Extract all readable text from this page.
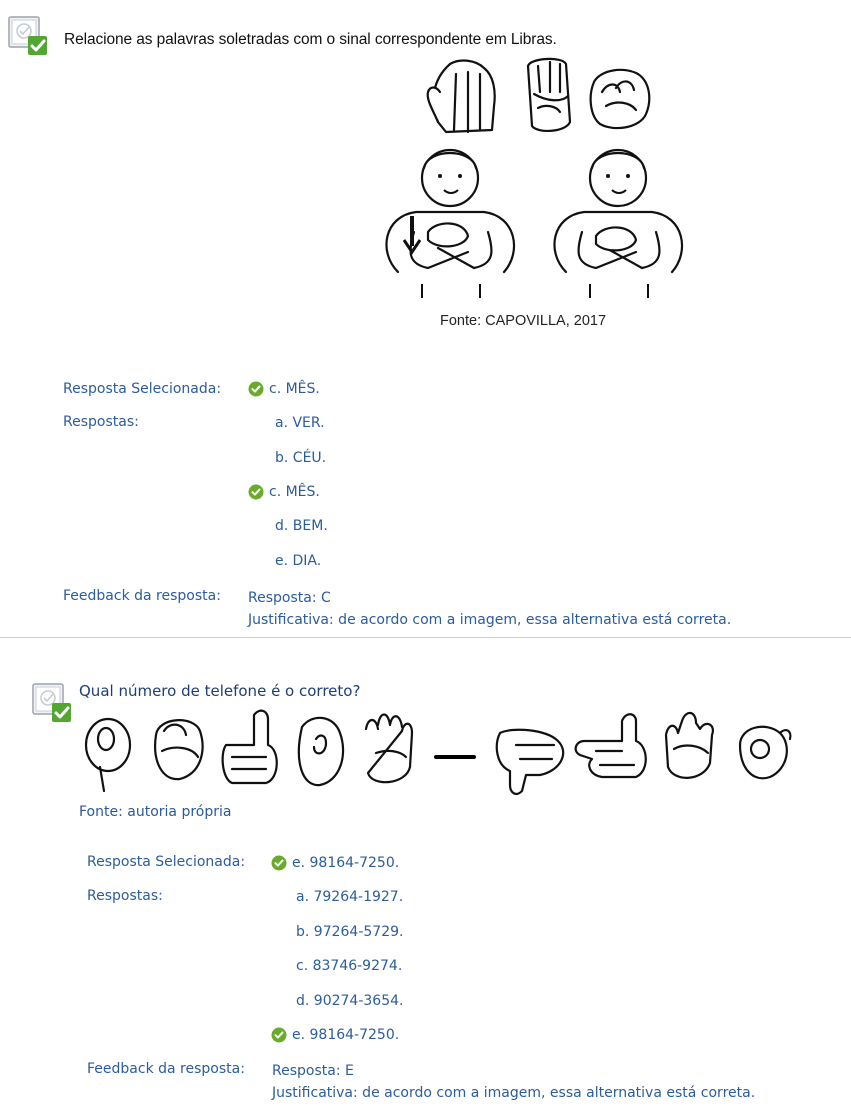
Relacione as palavras soletradas com o sinal correspondente em Libras.
Fonte: CAPOVILLA, 2017
Resposta Selecionada:	c. MÊS.
Respostas:	a. VER.
b. CÉU.
c. MÊS.
d. BEM.
e. DIA.
Feedback da resposta: Resposta: C
Justificativa: de acordo com a imagem, essa alternativa está correta.
Qual número de telefone é o correto?
Fonte: autoria própria
Resposta Selecionada:	e. 98164-7250.
Respostas:	a. 79264-1927.
b. 97264-5729.
c. 83746-9274.
d. 90274-3654.
e. 98164-7250.
Feedback da resposta: Resposta: E
Justificativa: de acordo com a imagem, essa alternativa está correta.
